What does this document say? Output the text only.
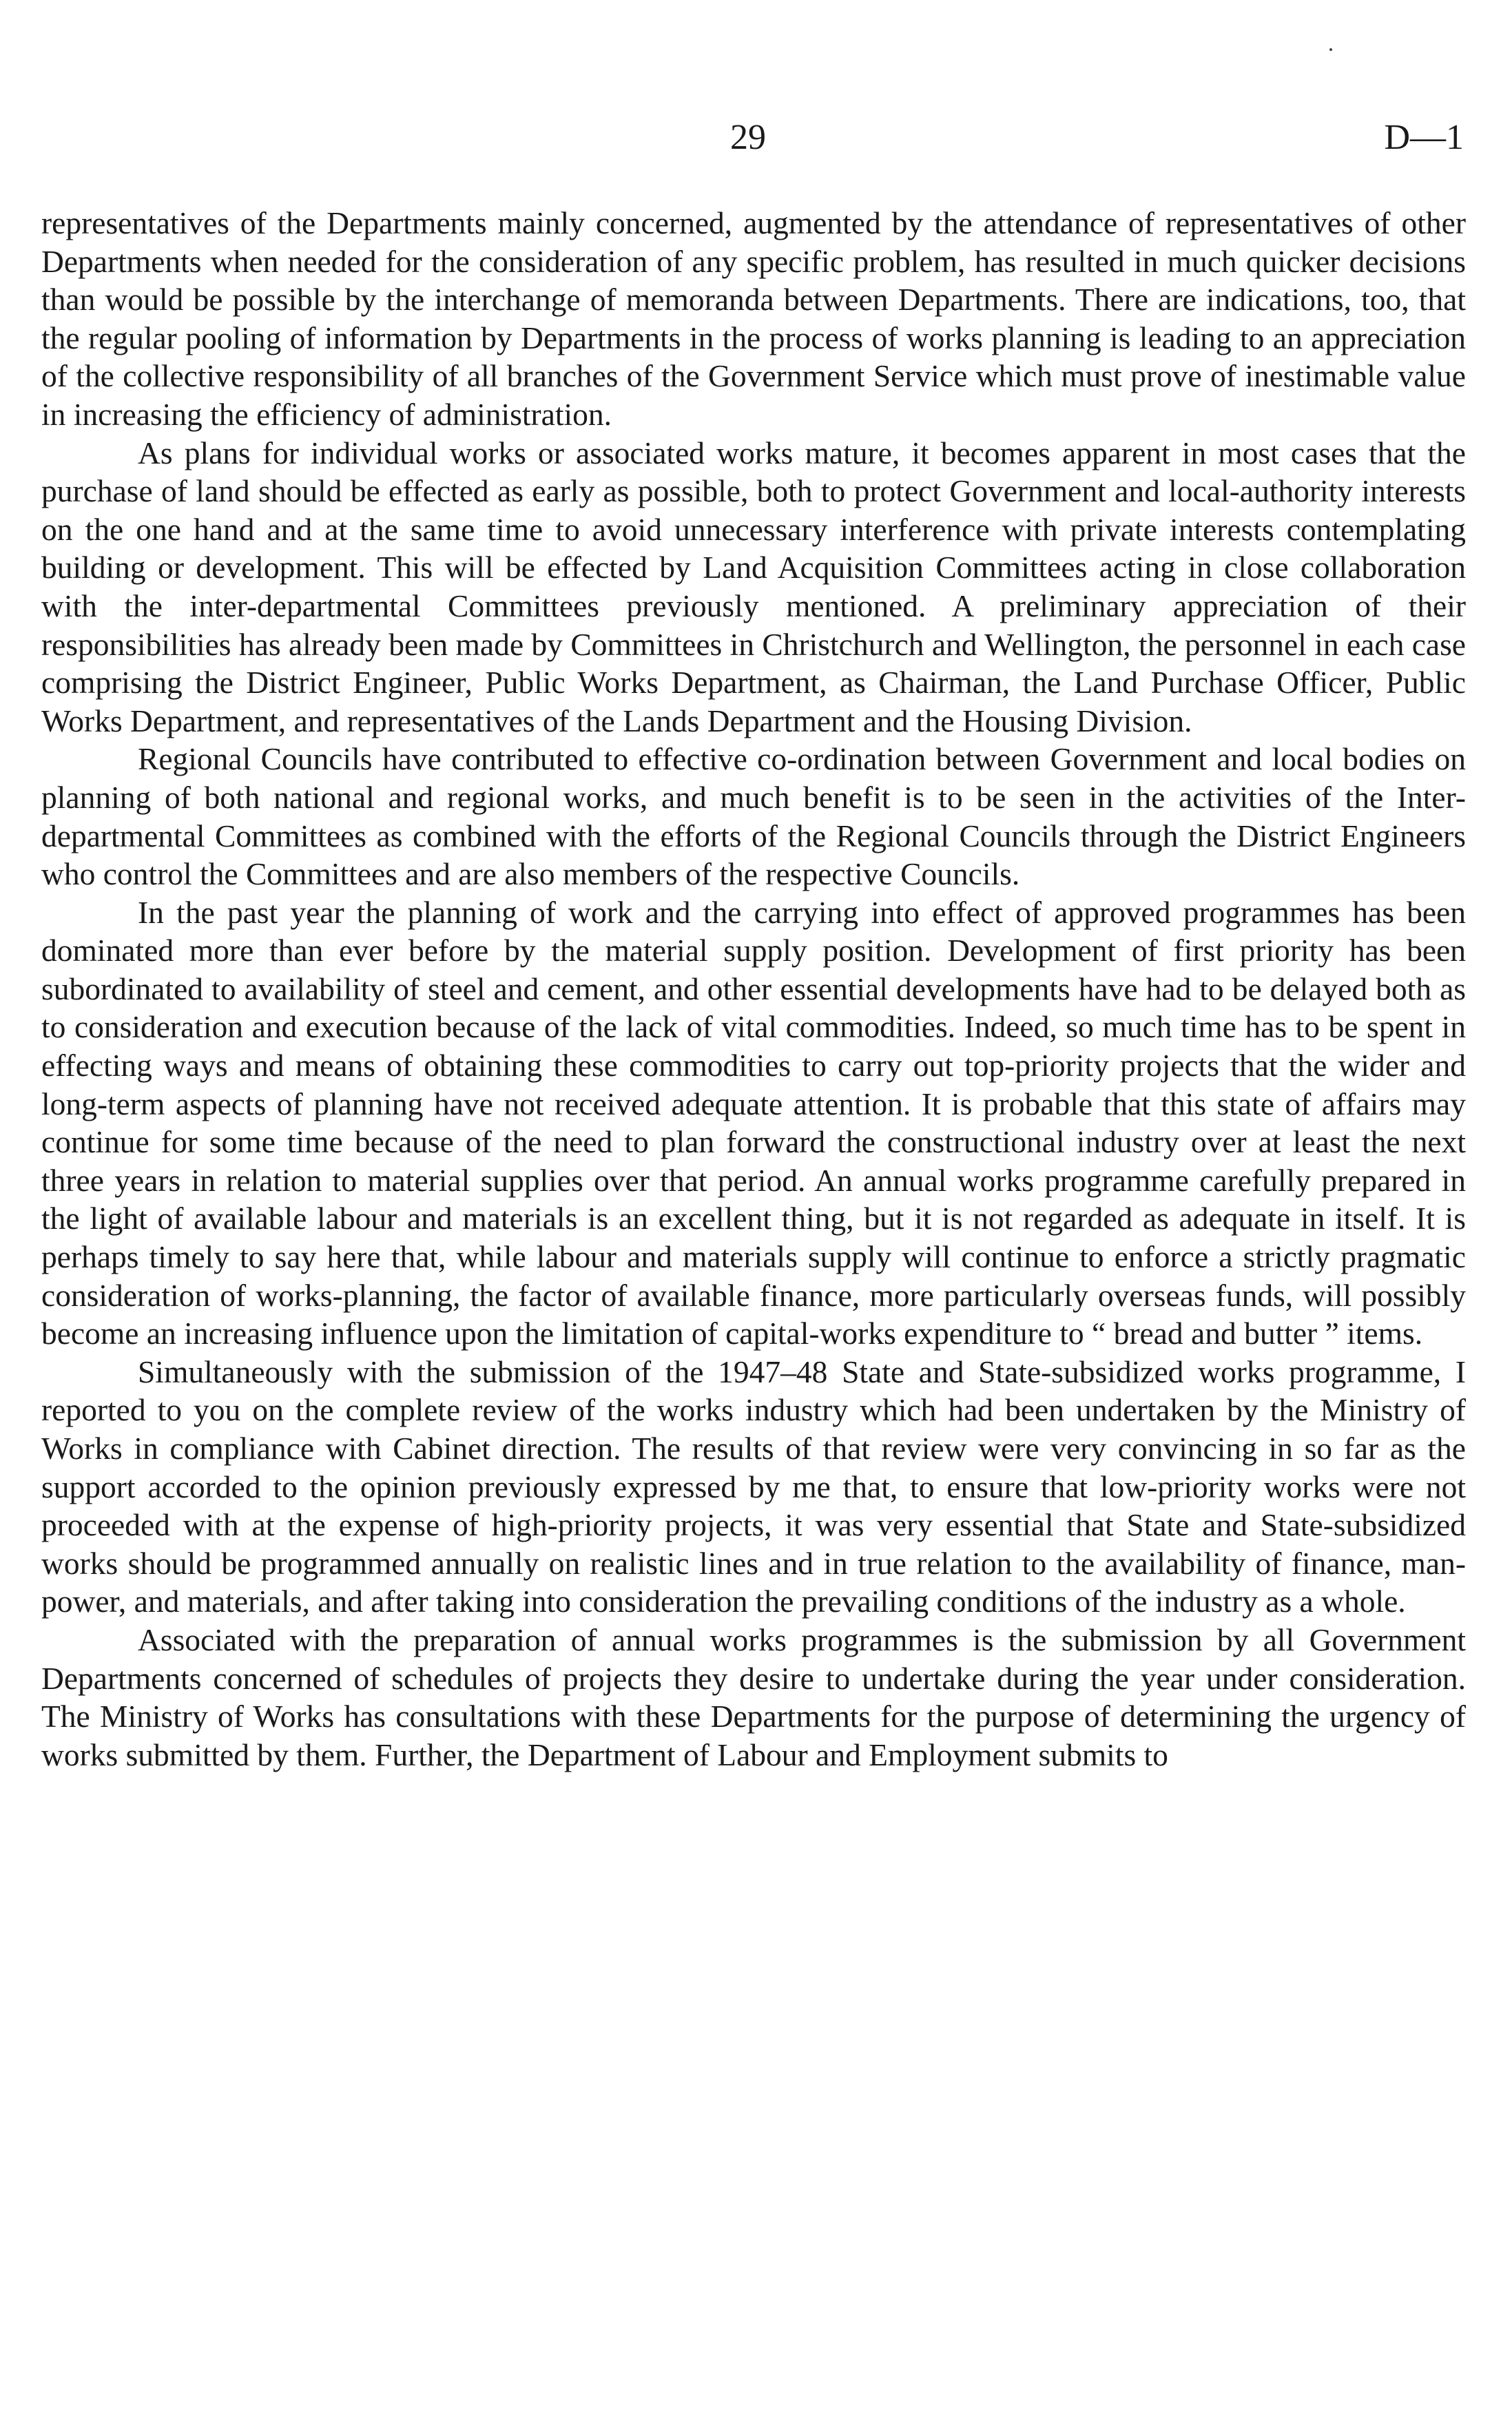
29	D—1

representatives of the Departments mainly concerned, augmented by the attendance of representatives of other Departments when needed for the consideration of any specific problem, has resulted in much quicker decisions than would be possible by the interchange of memoranda between Departments. There are indications, too, that the regular pooling of information by Departments in the process of works planning is leading to an appreciation of the collective responsibility of all branches of the Government Service which must prove of inestimable value in increasing the efficiency of administration.

As plans for individual works or associated works mature, it becomes apparent in most cases that the purchase of land should be effected as early as possible, both to protect Government and local-authority interests on the one hand and at the same time to avoid unnecessary interference with private interests contemplating building or development. This will be effected by Land Acquisition Committees acting in close collaboration with the inter-departmental Committees previously mentioned. A preliminary appreciation of their responsibilities has already been made by Committees in Christchurch and Wellington, the personnel in each case comprising the District Engineer, Public Works Department, as Chairman, the Land Purchase Officer, Public Works Department, and representatives of the Lands Department and the Housing Division.

Regional Councils have contributed to effective co-ordination between Government and local bodies on planning of both national and regional works, and much benefit is to be seen in the activities of the Inter-departmental Committees as combined with the efforts of the Regional Councils through the District Engineers who control the Committees and are also members of the respective Councils.

In the past year the planning of work and the carrying into effect of approved programmes has been dominated more than ever before by the material supply position. Development of first priority has been subordinated to availability of steel and cement, and other essential developments have had to be delayed both as to consideration and execution because of the lack of vital commodities. Indeed, so much time has to be spent in effecting ways and means of obtaining these commodities to carry out top-priority projects that the wider and long-term aspects of planning have not received adequate attention. It is probable that this state of affairs may continue for some time because of the need to plan forward the constructional industry over at least the next three years in relation to material supplies over that period. An annual works programme carefully prepared in the light of available labour and materials is an excellent thing, but it is not regarded as adequate in itself. It is perhaps timely to say here that, while labour and materials supply will continue to enforce a strictly pragmatic consideration of works-planning, the factor of available finance, more particularly overseas funds, will possibly become an increasing influence upon the limitation of capital-works expenditure to “ bread and butter ” items.

Simultaneously with the submission of the 1947–48 State and State-subsidized works programme, I reported to you on the complete review of the works industry which had been undertaken by the Ministry of Works in compliance with Cabinet direction. The results of that review were very convincing in so far as the support accorded to the opinion previously expressed by me that, to ensure that low-priority works were not proceeded with at the expense of high-priority projects, it was very essential that State and State-subsidized works should be programmed annually on realistic lines and in true relation to the availability of finance, man-power, and materials, and after taking into consideration the prevailing conditions of the industry as a whole.

Associated with the preparation of annual works programmes is the submission by all Government Departments concerned of schedules of projects they desire to undertake during the year under consideration. The Ministry of Works has consultations with these Departments for the purpose of determining the urgency of works submitted by them. Further, the Department of Labour and Employment submits to
